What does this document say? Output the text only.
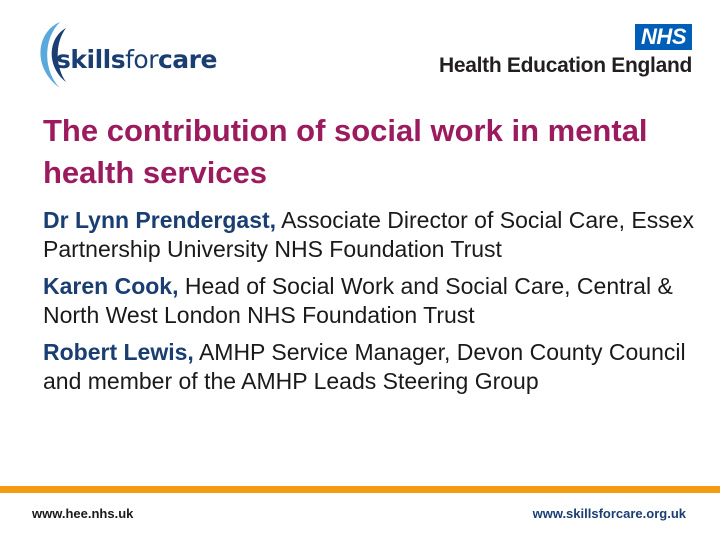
skillsforcare
NHS
Health Education England
The contribution of social work in mental health services

Dr Lynn Prendergast, Associate Director of Social Care, Essex Partnership University NHS Foundation Trust

Karen Cook, Head of Social Work and Social Care, Central & North West London NHS Foundation Trust

Robert Lewis, AMHP Service Manager, Devon County Council and member of the AMHP Leads Steering Group

www.hee.nhs.uk	www.skillsforcare.org.uk
